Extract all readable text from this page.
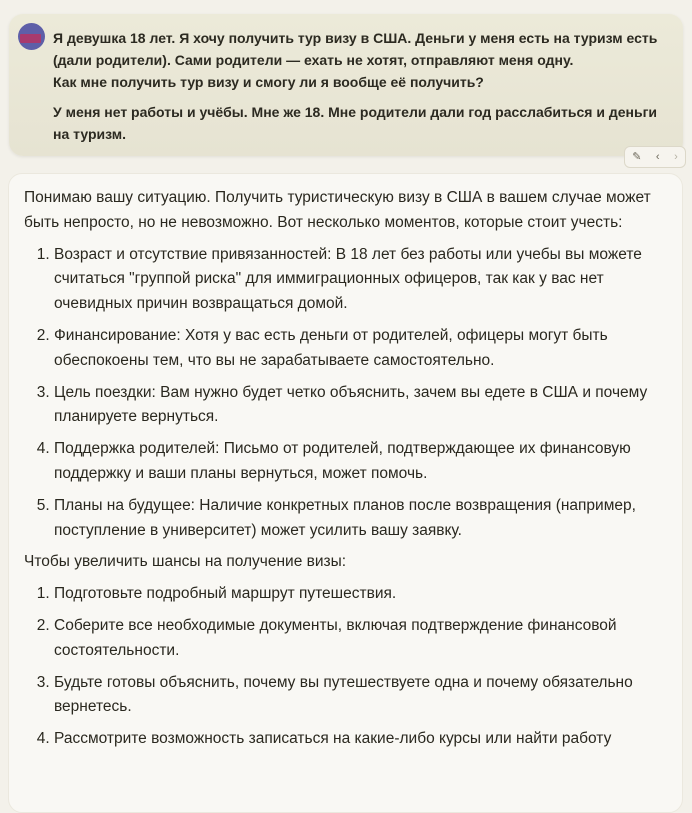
Я девушка 18 лет. Я хочу получить тур визу в США. Деньги у меня есть на туризм есть (дали родители). Сами родители — ехать не хотят, отправляют меня одну.

Как мне получить тур визу и смогу ли я вообще её получить?

У меня нет работы и учёбы. Мне же 18. Мне родители дали год расслабиться и деньги на туризм.

✎ ‹ ›

Понимаю вашу ситуацию. Получить туристическую визу в США в вашем случае может быть непросто, но не невозможно. Вот несколько моментов, которые стоит учесть:

1. Возраст и отсутствие привязанностей: В 18 лет без работы или учебы вы можете считаться "группой риска" для иммиграционных офицеров, так как у вас нет очевидных причин возвращаться домой.
2. Финансирование: Хотя у вас есть деньги от родителей, офицеры могут быть обеспокоены тем, что вы не зарабатываете самостоятельно.
3. Цель поездки: Вам нужно будет четко объяснить, зачем вы едете в США и почему планируете вернуться.
4. Поддержка родителей: Письмо от родителей, подтверждающее их финансовую поддержку и ваши планы вернуться, может помочь.
5. Планы на будущее: Наличие конкретных планов после возвращения (например, поступление в университет) может усилить вашу заявку.

Чтобы увеличить шансы на получение визы:

1. Подготовьте подробный маршрут путешествия.
2. Соберите все необходимые документы, включая подтверждение финансовой состоятельности.
3. Будьте готовы объяснить, почему вы путешествуете одна и почему обязательно вернетесь.
4. Рассмотрите возможность записаться на какие-либо курсы или найти работу
